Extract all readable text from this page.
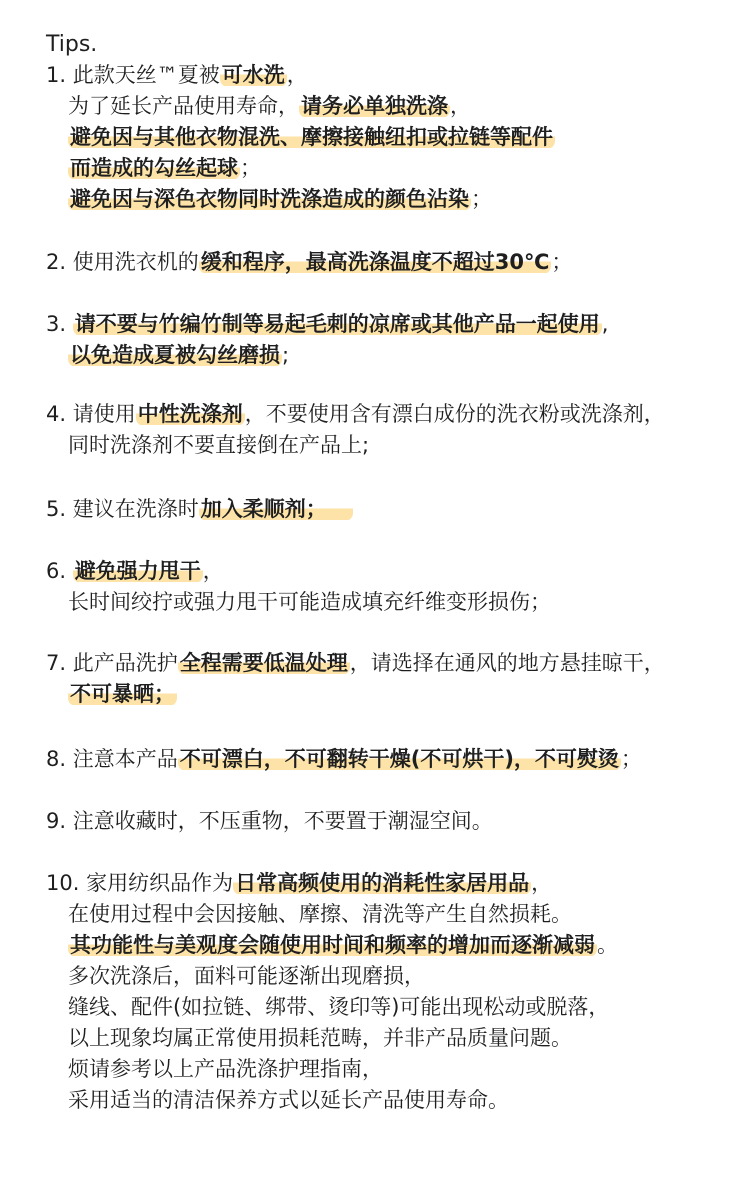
Tips.
1. 此款天丝™夏被可水洗，
为了延长产品使用寿命，请务必单独洗涤，
避免因与其他衣物混洗、摩擦接触纽扣或拉链等配件
而造成的勾丝起球；
避免因与深色衣物同时洗涤造成的颜色沾染；
2. 使用洗衣机的缓和程序，最高洗涤温度不超过30℃；
3. 请不要与竹编竹制等易起毛刺的凉席或其他产品一起使用,
以免造成夏被勾丝磨损;
4. 请使用中性洗涤剂，不要使用含有漂白成份的洗衣粉或洗涤剂，
同时洗涤剂不要直接倒在产品上;
5. 建议在洗涤时加入柔顺剂；
6. 避免强力甩干，
长时间绞拧或强力甩干可能造成填充纤维变形损伤；
7. 此产品洗护全程需要低温处理，请选择在通风的地方悬挂晾干，
不可暴晒；
8. 注意本产品不可漂白，不可翻转干燥(不可烘干)，不可熨烫；
9. 注意收藏时，不压重物，不要置于潮湿空间。
10. 家用纺织品作为日常高频使用的消耗性家居用品，
在使用过程中会因接触、摩擦、清洗等产生自然损耗。
其功能性与美观度会随使用时间和频率的增加而逐渐减弱。
多次洗涤后，面料可能逐渐出现磨损，
缝线、配件(如拉链、绑带、烫印等)可能出现松动或脱落，
以上现象均属正常使用损耗范畴，并非产品质量问题。
烦请参考以上产品洗涤护理指南，
采用适当的清洁保养方式以延长产品使用寿命。
